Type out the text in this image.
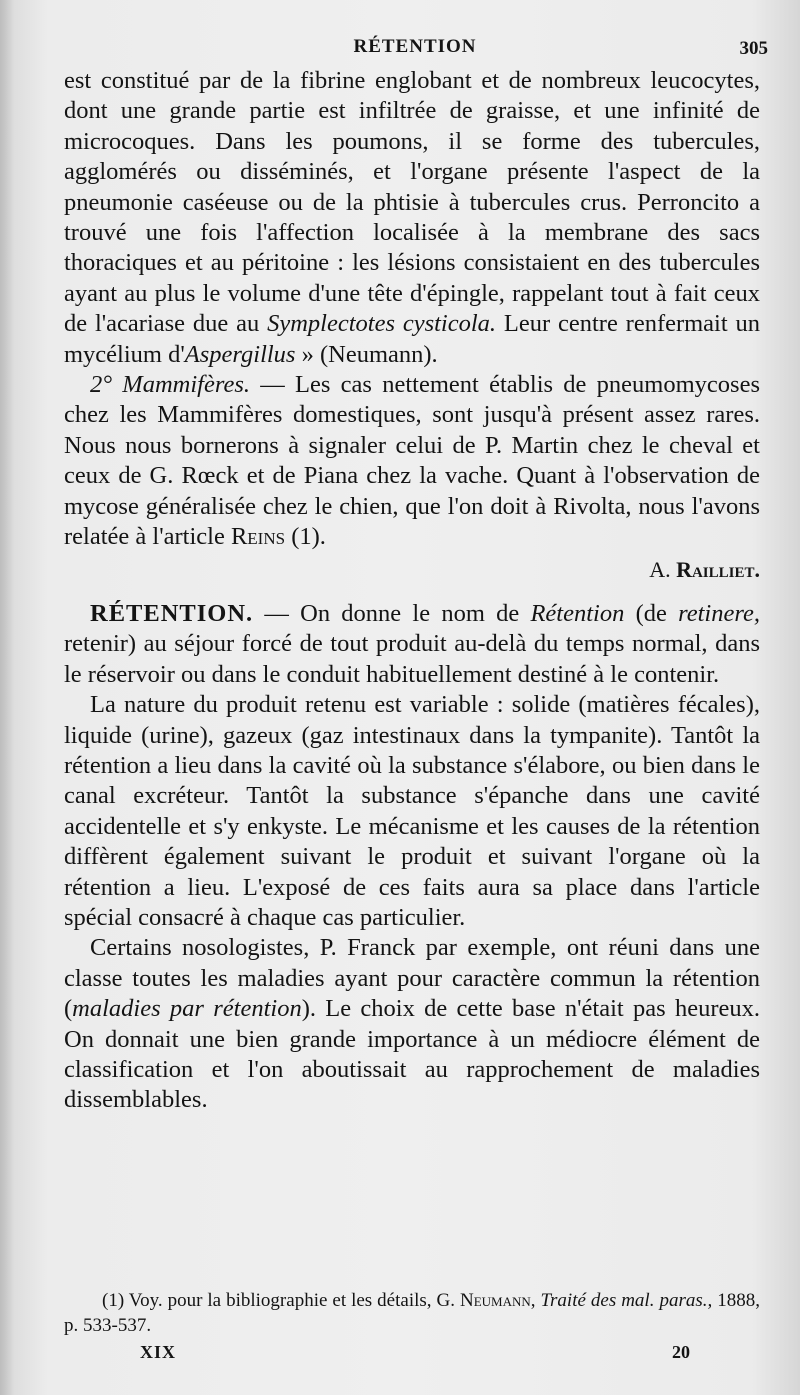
RÉTENTION	305

est constitué par de la fibrine englobant et de nombreux leucocytes, dont une grande partie est infiltrée de graisse, et une infinité de microcoques. Dans les poumons, il se forme des tubercules, agglomérés ou disséminés, et l'organe présente l'aspect de la pneumonie caséeuse ou de la phtisie à tubercules crus. Perroncito a trouvé une fois l'affection localisée à la membrane des sacs thoraciques et au péritoine : les lésions consistaient en des tubercules ayant au plus le volume d'une tête d'épingle, rappelant tout à fait ceux de l'acariase due au Symplectotes cysticola. Leur centre renfermait un mycélium d'Aspergillus » (Neumann).

2° Mammifères. — Les cas nettement établis de pneumomycoses chez les Mammifères domestiques, sont jusqu'à présent assez rares. Nous nous bornerons à signaler celui de P. Martin chez le cheval et ceux de G. Rœck et de Piana chez la vache. Quant à l'observation de mycose généralisée chez le chien, que l'on doit à Rivolta, nous l'avons relatée à l'article Reins (1).

A. Railliet.

RÉTENTION. — On donne le nom de Rétention (de retinere, retenir) au séjour forcé de tout produit au-delà du temps normal, dans le réservoir ou dans le conduit habituellement destiné à le contenir.

La nature du produit retenu est variable : solide (matières fécales), liquide (urine), gazeux (gaz intestinaux dans la tympanite). Tantôt la rétention a lieu dans la cavité où la substance s'élabore, ou bien dans le canal excréteur. Tantôt la substance s'épanche dans une cavité accidentelle et s'y enkyste. Le mécanisme et les causes de la rétention diffèrent également suivant le produit et suivant l'organe où la rétention a lieu. L'exposé de ces faits aura sa place dans l'article spécial consacré à chaque cas particulier.

Certains nosologistes, P. Franck par exemple, ont réuni dans une classe toutes les maladies ayant pour caractère commun la rétention (maladies par rétention). Le choix de cette base n'était pas heureux. On donnait une bien grande importance à un médiocre élément de classification et l'on aboutissait au rapprochement de maladies dissemblables.

(1) Voy. pour la bibliographie et les détails, G. Neumann, Traité des mal. paras., 1888, p. 533-537.

XIX	20
